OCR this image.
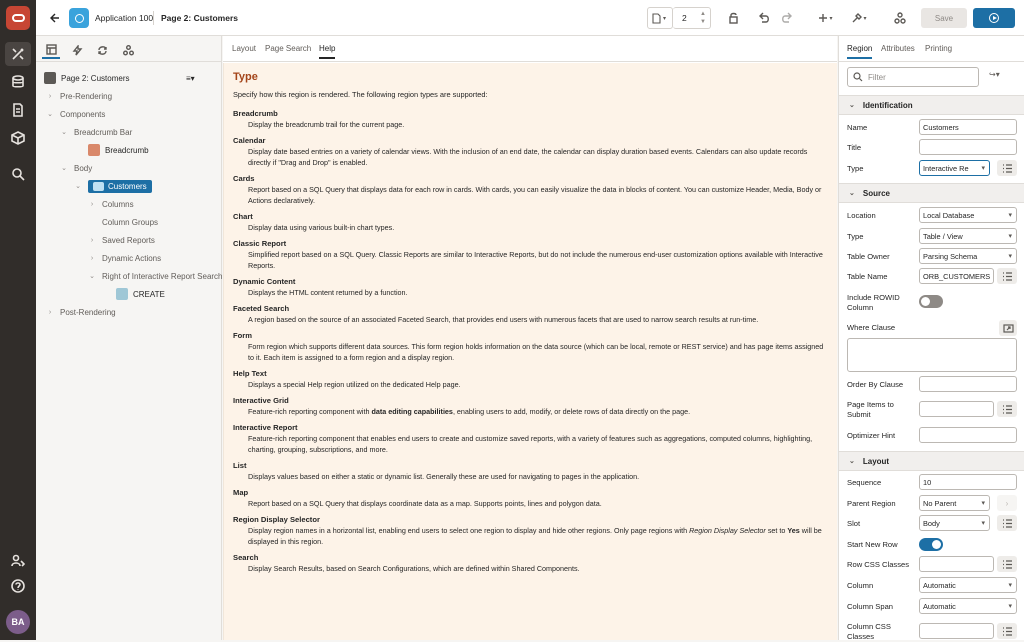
BA
Application 100 Page 2: Customers	▾ 2 ▲
▼
▾	▾	Save
Page 2: Customers	≡▾
›	Pre-Rendering
⌄ Components
⌄ Breadcrumb Bar
Breadcrumb
⌄ Body
⌄	Customers
›	Columns
Column Groups
›	Saved Reports
›	Dynamic Actions
⌄ Right of Interactive Report Search
CREATE
›	Post-Rendering
Layout Page Search Help
Type
Specify how this region is rendered. The following region types are supported:
Breadcrumb
Display the breadcrumb trail for the current page.
Calendar
Display date based entries on a variety of calendar views. With the inclusion of an end date, the calendar can display duration based events. Calendars can also update records directly if "Drag and Drop" is enabled.
Cards
Report based on a SQL Query that displays data for each row in cards. With cards, you can easily visualize the data in blocks of content. You can customize Header, Media, Body or Actions declaratively.
Chart
Display data using various built-in chart types.
Classic Report
Simplified report based on a SQL Query. Classic Reports are similar to Interactive Reports, but do not include the numerous end-user customization options available with Interactive Reports.
Dynamic Content
Displays the HTML content returned by a function.
Faceted Search
A region based on the source of an associated Faceted Search, that provides end users with numerous facets that are used to narrow search results at run-time.
Form
Form region which supports different data sources. This form region holds information on the data source (which can be local, remote or REST service) and has page items assigned to it. Each item is assigned to a form region and a display region.
Help Text
Displays a special Help region utilized on the dedicated Help page.
Interactive Grid
Feature-rich reporting component with data editing capabilities, enabling users to add, modify, or delete rows of data directly on the page.
Interactive Report
Feature-rich reporting component that enables end users to create and customize saved reports, with a variety of features such as aggregations, computed columns, highlighting, charting, grouping, subscriptions, and more.
List
Displays values based on either a static or dynamic list. Generally these are used for navigating to pages in the application.
Map
Report based on a SQL Query that displays coordinate data as a map. Supports points, lines and polygon data.
Region Display Selector
Display region names in a horizontal list, enabling end users to select one region to display and hide other regions. Only page regions with Region Display Selector set to Yes will be displayed in this region.
Search
Display Search Results, based on Search Configurations, which are defined within Shared Components.
Region Attributes Printing
Filter	↪▾
⌄ Identification
Name	Customers
Title
Type	Interactive Re ▾
⌄ Source
Location	Local Database	▾
Type	Table / View	▾
Table Owner	Parsing Schema	▾
Table Name	ORB_CUSTOMERS
Include ROWID Column
Where Clause
Order By Clause
Page Items to Submit
Optimizer Hint
⌄ Layout
Sequence	10
Parent Region	No Parent	▾	›
Slot	Body	▾
Start New Row
Row CSS Classes
Column	Automatic	▾
Column Span	Automatic	▾
Column CSS Classes
